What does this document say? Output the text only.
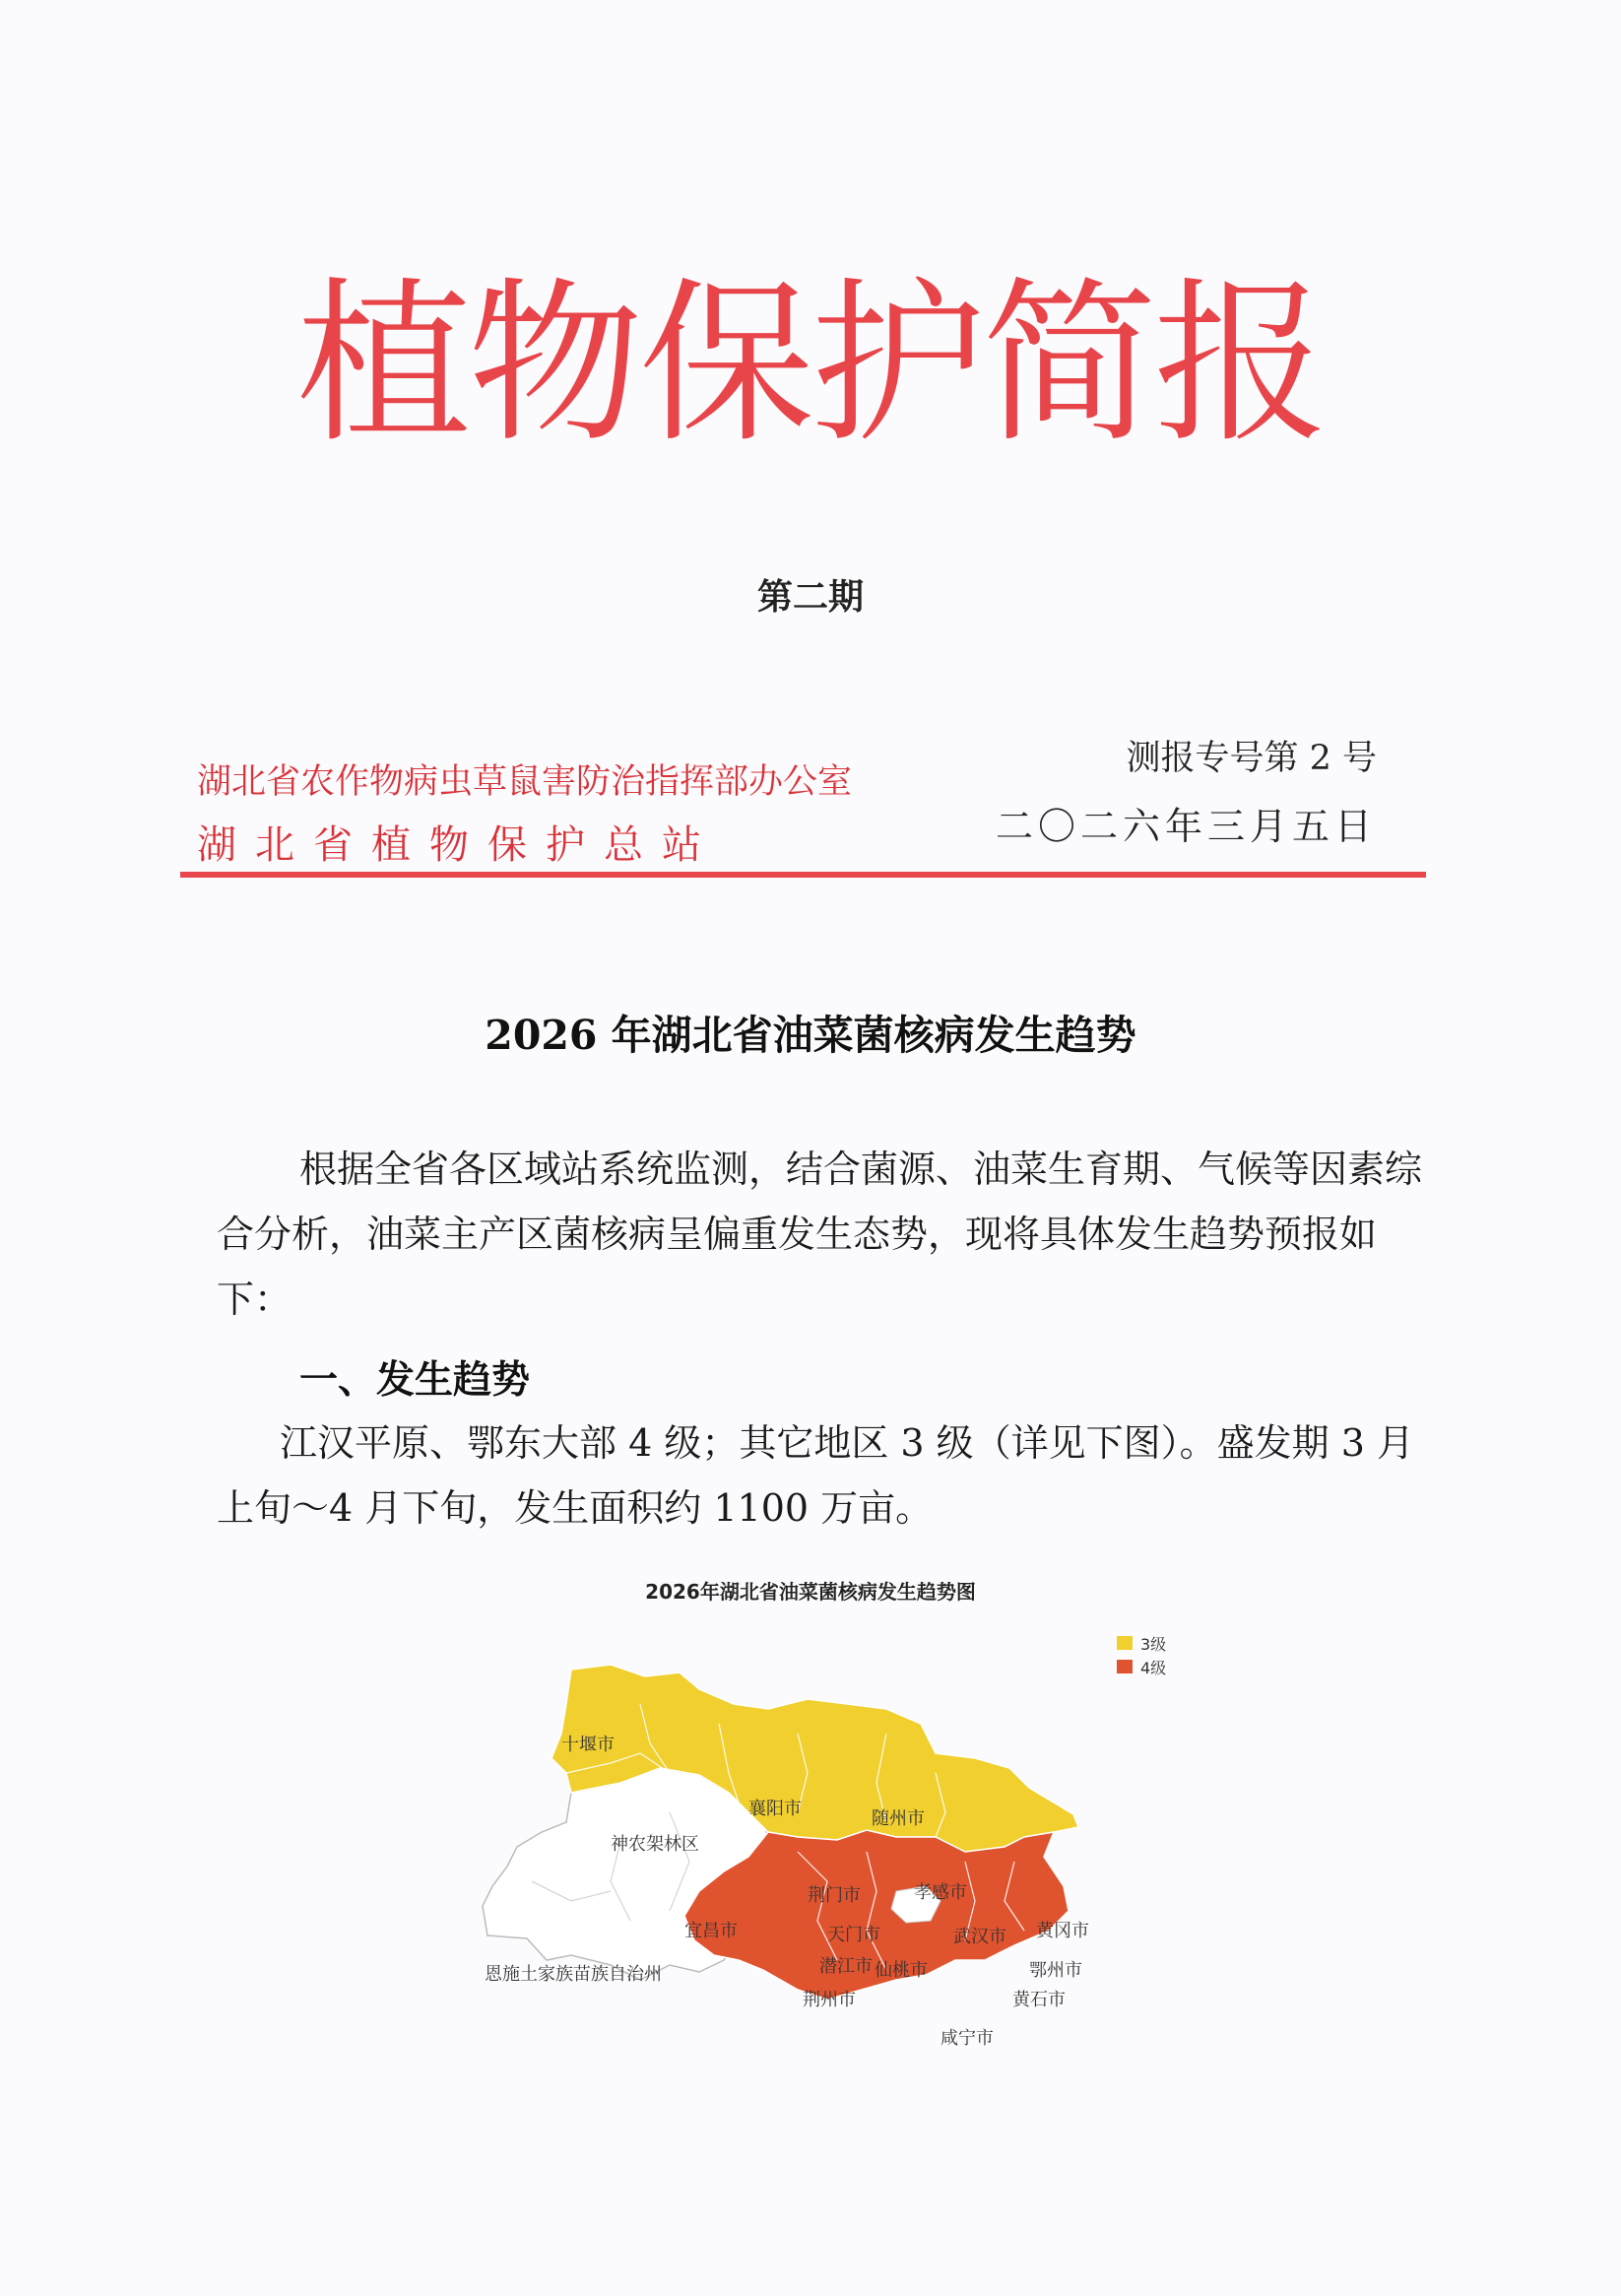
植物保护简报
第二期
湖北省农作物病虫草鼠害防治指挥部办公室
湖北省植物保护总站
测报专号第 2 号
二〇二六年三月五日
2026 年湖北省油菜菌核病发生趋势
根据全省各区域站系统监测，结合菌源、油菜生育期、气候等因素综合分析，油菜主产区菌核病呈偏重发生态势，现将具体发生趋势预报如下：
一、发生趋势
江汉平原、鄂东大部 4 级；其它地区 3 级（详见下图）。盛发期 3 月上旬～4 月下旬，发生面积约 1100 万亩。
2026年湖北省油菜菌核病发生趋势图
3级
4级
十堰市
襄阳市	随州市
神农架林区
荆门市	孝感市
宜昌市	天门市	武汉市 黄冈市
恩施土家族苗族自治州	潜江市 仙桃市	鄂州市
荆州市	黄石市
咸宁市
